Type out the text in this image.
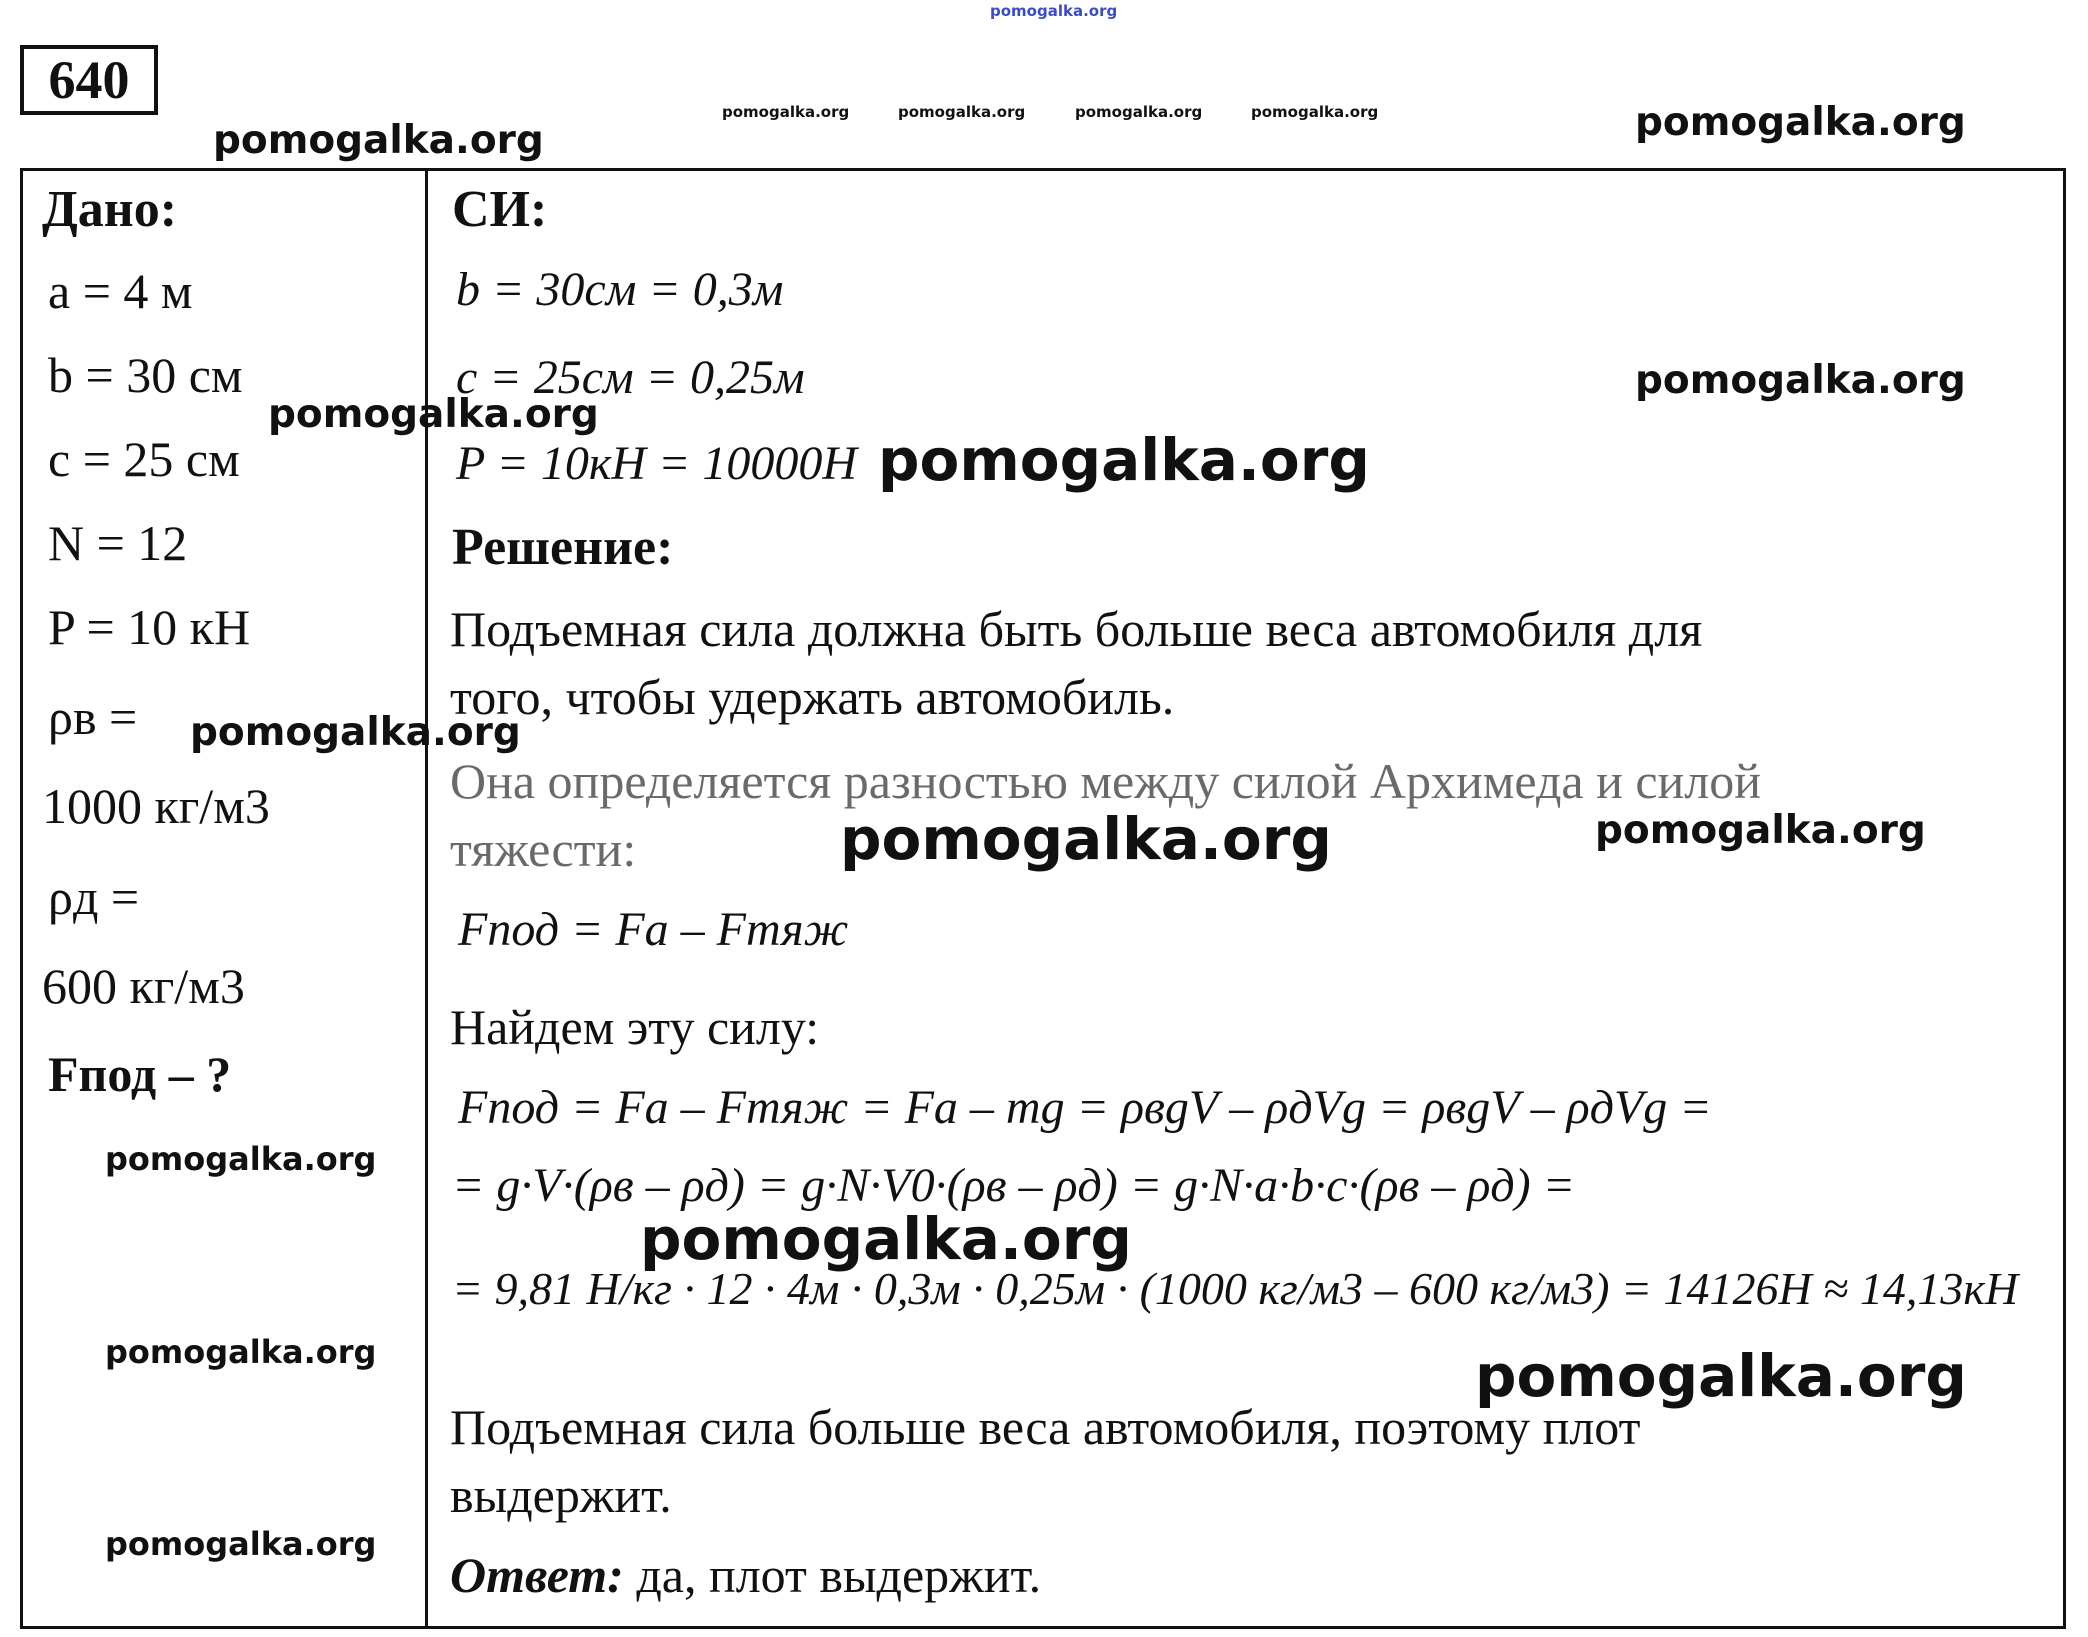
pomogalka.org
pomogalka.org	pomogalka.org	pomogalka.org	pomogalka.org
pomogalka.org	pomogalka.org
640
Дано:
a = 4 м
b = 30 см
c = 25 см
N = 12
P = 10 кН
ρв =
1000 кг/м3
ρд =
600 кг/м3
Fпод – ?
pomogalka.org
pomogalka.org
pomogalka.org
pomogalka.org
pomogalka.org
СИ:
b = 30см = 0,3м
c = 25см = 0,25м
P = 10кН = 10000Н
pomogalka.org
pomogalka.org
Решение:
Подъемная сила должна быть больше веса автомобиля для
того, чтобы удержать автомобиль.
Она определяется разностью между силой Архимеда и силой
тяжести:	pomogalka.org	pomogalka.org
Fпод = Fа – Fтяж
Найдем эту силу:
Fпод = Fа – Fтяж = Fа – mg = ρвgV – ρдVg = ρвgV – ρдVg =
= g·V·(ρв – ρд) = g·N·V0·(ρв – ρд) = g·N·a·b·c·(ρв – ρд) =
= 9,81 Н/кг · 12 · 4м · 0,3м · 0,25м · (1000 кг/м3 – 600 кг/м3) = 14126Н ≈ 14,13кН
pomogalka.org
pomogalka.org
Подъемная сила больше веса автомобиля, поэтому плот
выдержит.
Ответ: да, плот выдержит.
